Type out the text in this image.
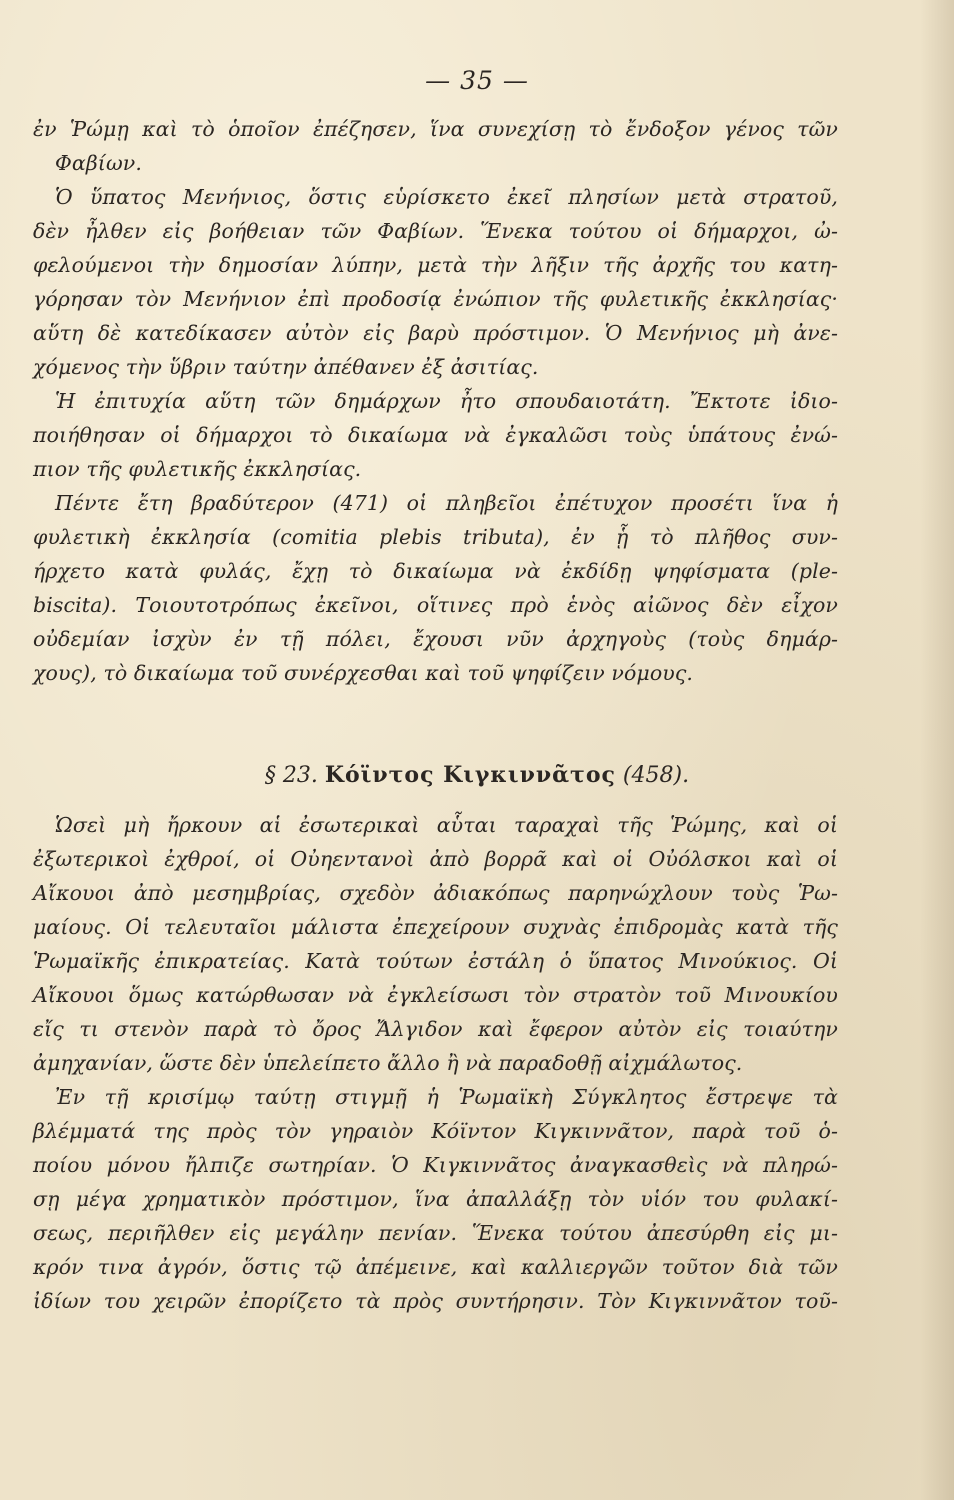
— 35 —
ἐν Ῥώμῃ καὶ τὸ ὁποῖον ἐπέζησεν, ἵνα συνεχίσῃ τὸ ἔνδοξον γένος τῶν
Φαβίων.
Ὁ ὕπατος Μενήνιος, ὅστις εὑρίσκετο ἐκεῖ πλησίων μετὰ στρατοῦ,
δὲν ἦλθεν εἰς βοήθειαν τῶν Φαβίων. Ἕνεκα τούτου οἱ δήμαρχοι, ὠ-
φελούμενοι τὴν δημοσίαν λύπην, μετὰ τὴν λῆξιν τῆς ἀρχῆς του κατη-
γόρησαν τὸν Μενήνιον ἐπὶ προδοσίᾳ ἐνώπιον τῆς φυλετικῆς ἐκκλησίας·
αὕτη δὲ κατεδίκασεν αὐτὸν εἰς βαρὺ πρόστιμον. Ὁ Μενήνιος μὴ ἀνε-
χόμενος τὴν ὕβριν ταύτην ἀπέθανεν ἐξ ἀσιτίας.
Ἡ ἐπιτυχία αὕτη τῶν δημάρχων ἦτο σπουδαιοτάτη. Ἔκτοτε ἰδιο-
ποιήθησαν οἱ δήμαρχοι τὸ δικαίωμα νὰ ἐγκαλῶσι τοὺς ὑπάτους ἐνώ-
πιον τῆς φυλετικῆς ἐκκλησίας.
Πέντε ἔτη βραδύτερον (471) οἱ πληβεῖοι ἐπέτυχον προσέτι ἵνα ἡ
φυλετικὴ ἐκκλησία (comitia plebis tributa), ἐν ᾗ τὸ πλῆθος συν-
ήρχετο κατὰ φυλάς, ἔχῃ τὸ δικαίωμα νὰ ἐκδίδῃ ψηφίσματα (ple-
biscita). Τοιουτοτρόπως ἐκεῖνοι, οἵτινες πρὸ ἑνὸς αἰῶνος δὲν εἶχον
οὐδεμίαν ἰσχὺν ἐν τῇ πόλει, ἔχουσι νῦν ἀρχηγοὺς (τοὺς δημάρ-
χους), τὸ δικαίωμα τοῦ συνέρχεσθαι καὶ τοῦ ψηφίζειν νόμους.
§ 23. Κόϊντος Κιγκιννᾶτος (458).
Ὡσεὶ μὴ ἤρκουν αἱ ἐσωτερικαὶ αὗται ταραχαὶ τῆς Ῥώμης, καὶ οἱ
ἐξωτερικοὶ ἐχθροί, οἱ Οὐηεντανοὶ ἀπὸ βορρᾶ καὶ οἱ Οὐόλσκοι καὶ οἱ
Αἴκουοι ἀπὸ μεσημβρίας, σχεδὸν ἀδιακόπως παρηνώχλουν τοὺς Ῥω-
μαίους. Οἱ τελευταῖοι μάλιστα ἐπεχείρουν συχνὰς ἐπιδρομὰς κατὰ τῆς
Ῥωμαϊκῆς ἐπικρατείας. Κατὰ τούτων ἐστάλη ὁ ὕπατος Μινούκιος. Οἱ
Αἴκουοι ὅμως κατώρθωσαν νὰ ἐγκλείσωσι τὸν στρατὸν τοῦ Μινουκίου
εἴς τι στενὸν παρὰ τὸ ὄρος Ἄλγιδον καὶ ἔφερον αὐτὸν εἰς τοιαύτην
ἀμηχανίαν, ὥστε δὲν ὑπελείπετο ἄλλο ἢ νὰ παραδοθῇ αἰχμάλωτος.
Ἐν τῇ κρισίμῳ ταύτῃ στιγμῇ ἡ Ῥωμαϊκὴ Σύγκλητος ἔστρεψε τὰ
βλέμματά της πρὸς τὸν γηραιὸν Κόϊντον Κιγκιννᾶτον, παρὰ τοῦ ὁ-
ποίου μόνου ἤλπιζε σωτηρίαν. Ὁ Κιγκιννᾶτος ἀναγκασθεὶς νὰ πληρώ-
σῃ μέγα χρηματικὸν πρόστιμον, ἵνα ἀπαλλάξῃ τὸν υἱόν του φυλακί-
σεως, περιῆλθεν εἰς μεγάλην πενίαν. Ἕνεκα τούτου ἀπεσύρθη εἰς μι-
κρόν τινα ἀγρόν, ὅστις τῷ ἀπέμεινε, καὶ καλλιεργῶν τοῦτον διὰ τῶν
ἰδίων του χειρῶν ἐπορίζετο τὰ πρὸς συντήρησιν. Τὸν Κιγκιννᾶτον τοῦ-
